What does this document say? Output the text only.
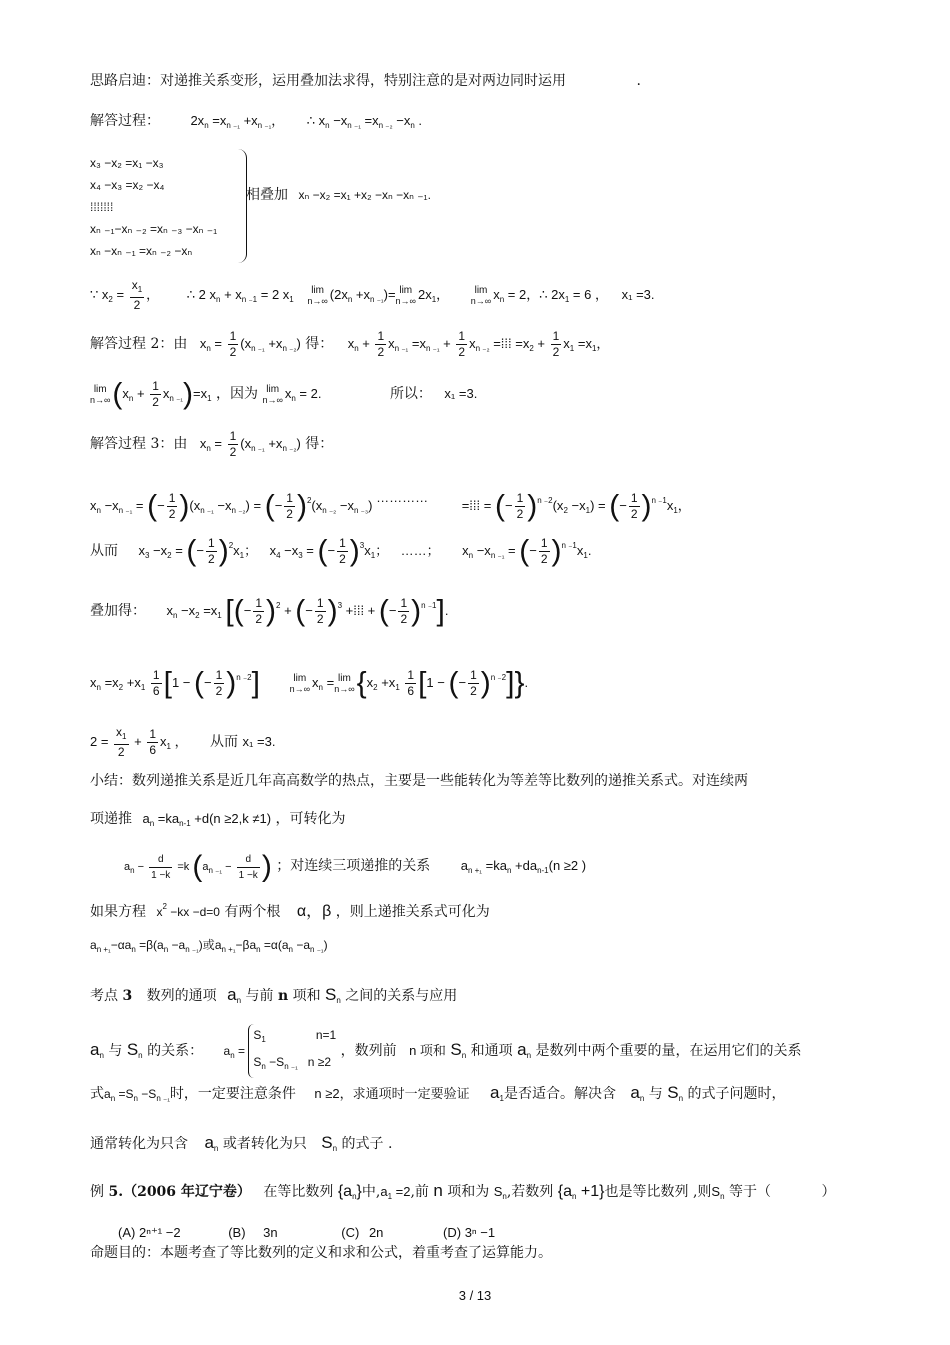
思路启迪：对递推关系变形，运用叠加法求得，特别注意的是对两边同时运用	.
解答过程： $2x_n =x_{n _{-1}} +x_{n _{-1}}$， ∴ $x_n -x_{n _{-1}} =x_{n _{-2}} -x_n$ .
x₃ −x₂ =x₁ −x₃
x₄ −x₃ =x₂ −x₄
⁞⁞⁞⁞⁞⁞⁞
xₙ ₋₁−xₙ ₋₂ =xₙ ₋₃ −xₙ ₋₁
xₙ −xₙ ₋₁ =xₙ ₋₂ −xₙ
相叠加 xₙ −x₂ =x₁ +x₂ −xₙ −xₙ ₋₁.
∵ $x_2 = \frac{x_1}{2}$ ， ∴ 2 $x_n + x_{n _-1} = 2$ $x_1$ lim
n→∞ $(2x_n +x_{n _{-1}})= \lim$
n→∞ $2x_1$，	lim
n→∞ $x_n = 2$，∴ $2x_1 = 6$ ， x₁ =3.
解答过程 2：由 $x_n = \frac{1}{2} (x_{n _{-1}} +x_{n _{-2}})$ 得： $x_n + \frac{1}{2} x_{n _{-1}} =x_{n _{-1}} + \frac{1}{2} x_{n _{-2}}$ =⁞⁞⁞ $=x_2 + \frac{1}{2} x_1 =x_1$，
lim
n→∞ $(x_n + \frac{1}{2} x_{n _{-1}})=x_1$ ，因为 lim
n→∞ $x_n = 2$.	所以： x₁ =3.
解答过程 3：由 $x_n = \frac{1}{2} (x_{n _{-1}} +x_{n _{-2}})$ 得：
$x_n -x_{n _{-1}}$ = (− $\frac{1}{2} )(x_{n _{-1}} -x_{n _{-2}})$ = (− $\frac{1}{2} )^2(x_{n _{-2}} -x_{n _{-3}})$ ………… =⁞⁞⁞ = (− $\frac{1}{2} )^{n _-2}(x_2 -x_1)$ = (− $\frac{1}{2} )^{n _-1}x_1$，
从而 $x_3 -x_2$ = (− $\frac{1}{2} )^2x_1$； $x_4 -x_3$ = (− $\frac{1}{2} )^3x_1$； ……； $x_n -x_{n _{-1}}$ = (− $\frac{1}{2} )^{n _-1}x_1$.
叠加得： $x_n -x_2 =x_1$ [(− $\frac{1}{2} )^2$ + (− $\frac{1}{2} )^3$ +⁞⁞⁞ + (− $\frac{1}{2} )^{n _-1}$].
$x_n =x_2 +x_1 \frac{1}{6} [1$ − (− $\frac{1}{2} )^{n _-2}$]	lim
n→∞ $x_n = \lim$
n→∞ {$x_2 +x_1 \frac{1}{6} [1$ − (− $\frac{1}{2} )^{n _-2}$]}.
$2 = \frac{x_1}{2} + \frac{1}{6} x_1$ ， 从而 x₁ =3.
小结：数列递推关系是近几年高高数学的热点，主要是一些能转化为等差等比数列的递推关系式。对连续两
项递推 $a_n =ka_{n-1} +d(n \ge 2,k \ne 1)$ ，可转化为
$a_n - \frac{d}{1 -k} =k$ ($a_{n _{-1}} - \frac{d}{1 -k}$ ) ；对连续三项递推的关系 $a_{n +_1} =ka_n +da_{n-1}(n \ge 2$ )
如果方程 $x^2 -kx -d=0$ 有两个根 α，β ，则上递推关系式可化为
$a_{n +_1}-\alpha a_n =\beta(a_n -a_{n _{-1}})$或$a_{n +_1}-\beta a_n =\alpha(a_n -a_{n _{-1}})$
考点 3 数列的通项 $a_n$ 与前 n 项和 $S_n$ 之间的关系与应用
$a_n$ 与 $S_n$ 的关系： $a_n$ =
$S_1$	n=1
$S_n -S_{n _{-1}}$ n ≥2
，数列前 n 项和 $S_n$ 和通项 $a_n$ 是数列中两个重要的量，在运用它们的关系
式$a_n =S_n -S_{n _{-1}}$时，一定要注意条件 n ≥2，求通项时一定要验证 $a_1$是否适合。解决含 $a_n$ 与 $S_n$ 的式子问题时，
通常转化为只含 $a_n$ 或者转化为只 $S_n$ 的式子 .
例 5.（2006 年辽宁卷） 在等比数列 $\{a_n\}$中$,a_1 =2$,前 n 项和为 $S_n$,若数列 $\{a_n +1\}$也是等比数列 ,则$S_n$ 等于（	）
(A) 2ⁿ⁺¹ −2	(B) 3n	(C) 2n	(D) 3ⁿ −1
命题目的：本题考查了等比数列的定义和求和公式，着重考查了运算能力。
3 / 13
